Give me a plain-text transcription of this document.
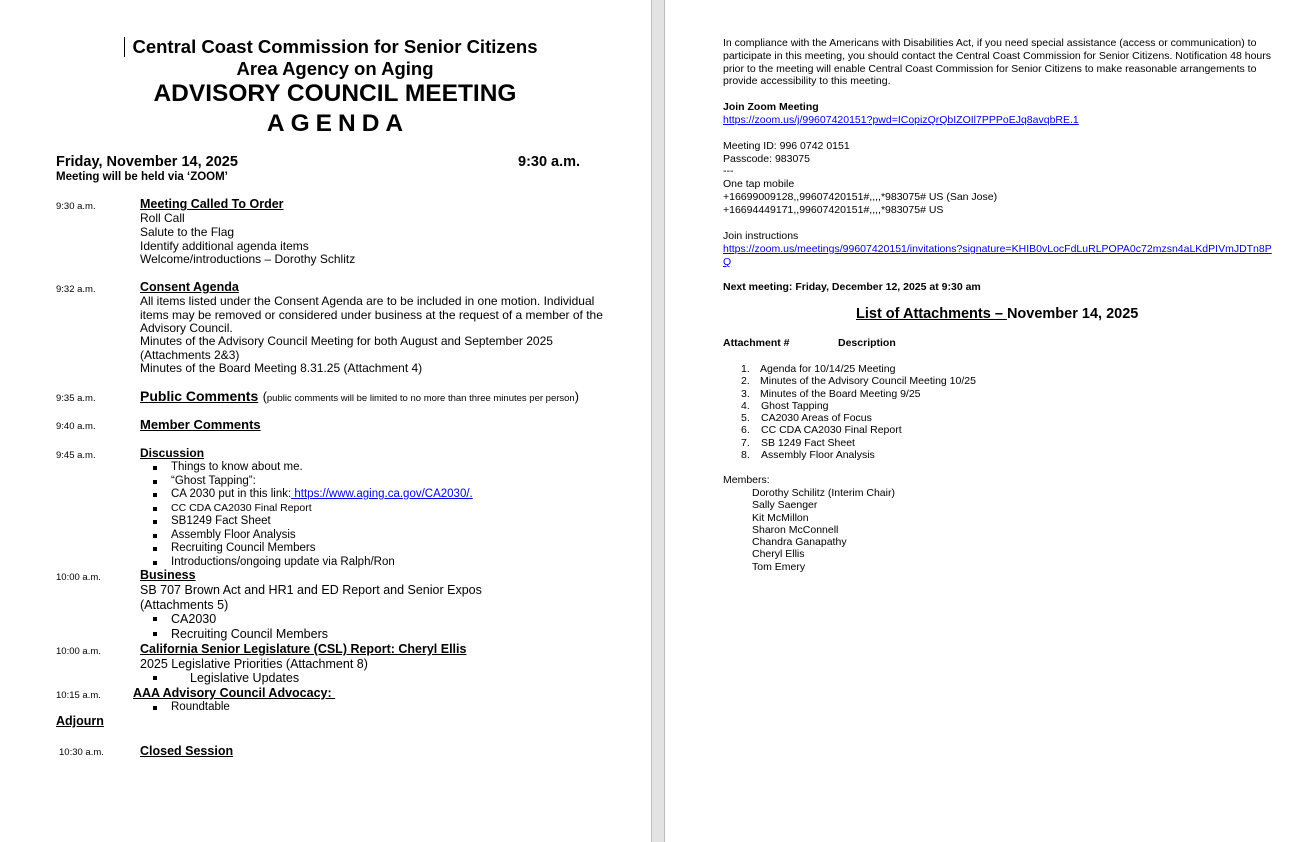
Central Coast Commission for Senior Citizens
Area Agency on Aging
ADVISORY COUNCIL MEETING
AGENDA
Friday, November 14, 2025	9:30 a.m.
Meeting will be held via ‘ZOOM’
9:30 a.m.	Meeting Called To Order
Roll Call
Salute to the Flag
Identify additional agenda items
Welcome/introductions – Dorothy Schlitz
9:32 a.m.	Consent Agenda
All items listed under the Consent Agenda are to be included in one motion. Individual items may be removed or considered under business at the request of a member of the Advisory Council.
Minutes of the Advisory Council Meeting for both August and September 2025 (Attachments 2&3)
Minutes of the Board Meeting 8.31.25 (Attachment 4)
9:35 a.m.	Public Comments (public comments will be limited to no more than three minutes per person)
9:40 a.m.	Member Comments
9:45 a.m.	Discussion
Things to know about me.
“Ghost Tapping”:
CA 2030 put in this link: https://www.aging.ca.gov/CA2030/.
CC CDA CA2030 Final Report
SB1249 Fact Sheet
Assembly Floor Analysis
Recruiting Council Members
Introductions/ongoing update via Ralph/Ron
10:00 a.m.	Business
SB 707 Brown Act and HR1 and ED Report and Senior Expos
(Attachments 5)
CA2030
Recruiting Council Members
10:00 a.m.	California Senior Legislature (CSL) Report: Cheryl Ellis
2025 Legislative Priorities (Attachment 8)
Legislative Updates
10:15 a.m.	AAA Advisory Council Advocacy:
Roundtable
Adjourn
10:30 a.m.	Closed Session
In compliance with the Americans with Disabilities Act, if you need special assistance (access or communication) to participate in this meeting, you should contact the Central Coast Commission for Senior Citizens. Notification 48 hours prior to the meeting will enable Central Coast Commission for Senior Citizens to make reasonable arrangements to provide accessibility to this meeting.
Join Zoom Meeting
https://zoom.us/j/99607420151?pwd=ICopizQrQbIZOIl7PPPoEJq8avqbRE.1
Meeting ID: 996 0742 0151
Passcode: 983075
---
One tap mobile
+16699009128,,99607420151#,,,,*983075# US (San Jose)
+16694449171,,99607420151#,,,,*983075# US
Join instructions
https://zoom.us/meetings/99607420151/invitations?signature=KHIB0vLocFdLuRLPOPA0c72mzsn4aLKdPIVmJDTn8PQ
Next meeting: Friday, December 12, 2025 at 9:30 am
List of Attachments – November 14, 2025
Attachment #	Description
1. Agenda for 10/14/25 Meeting
2. Minutes of the Advisory Council Meeting 10/25
3. Minutes of the Board Meeting 9/25
4. Ghost Tapping
5. CA2030 Areas of Focus
6. CC CDA CA2030 Final Report
7. SB 1249 Fact Sheet
8. Assembly Floor Analysis
Members:
Dorothy Schilitz (Interim Chair)
Sally Saenger
Kit McMillon
Sharon McConnell
Chandra Ganapathy
Cheryl Ellis
Tom Emery
